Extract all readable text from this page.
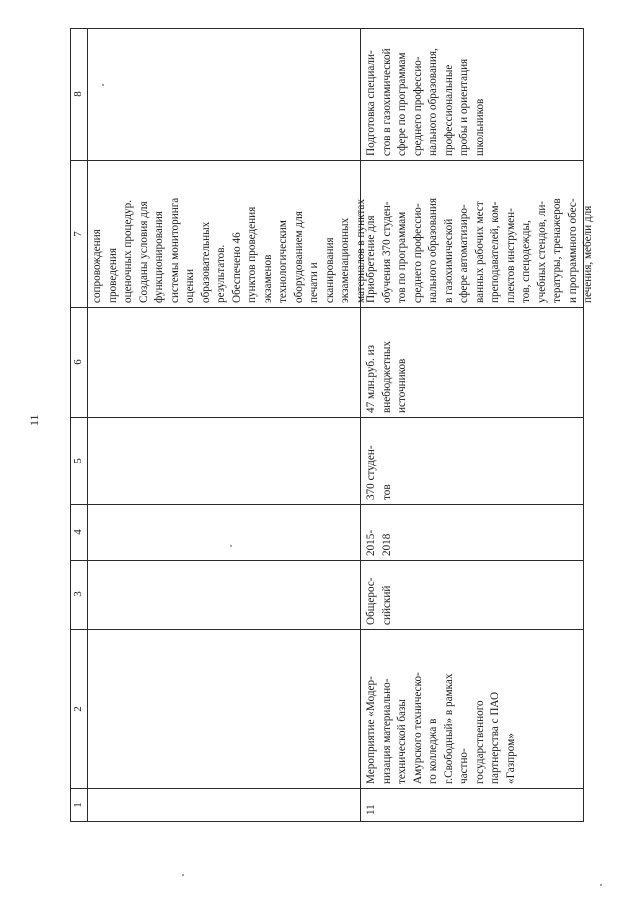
11
8
7
6
5
4
3
2
1
сопровождения проведения оценочных процедур. Созданы условия для функционирования системы мониторинга оценки образовательных результатов. Обеспечено 46 пунктов проведения экзаменов технологическим оборудованием для печати и сканирования экзаменационных материалов в пунктах
11
Мероприятие «Модер- низация материально- технической базы Амурского техническо- го колледжа в г.Свободный» в рамках частно- государственного партнерства с ПАО «Газпром»
Общерос- сийский
2015- 2018
370 студен- тов
47 млн.руб. из внебюджетных источников
Приобретение для обучения 370 студен- тов по программам среднего профессио- нального образования в газохимической сфере автоматизиро- ванных рабочих мест преподавателей, ком- плектов инструмен- тов, спецодежды, учебных стендов, ли- тературы, тренажеров и программного обес- печения, мебели для
Подготовка специали- стов в газохимической сфере по программам среднего профессио- нального образования, профессиональные пробы и ориентация школьников
